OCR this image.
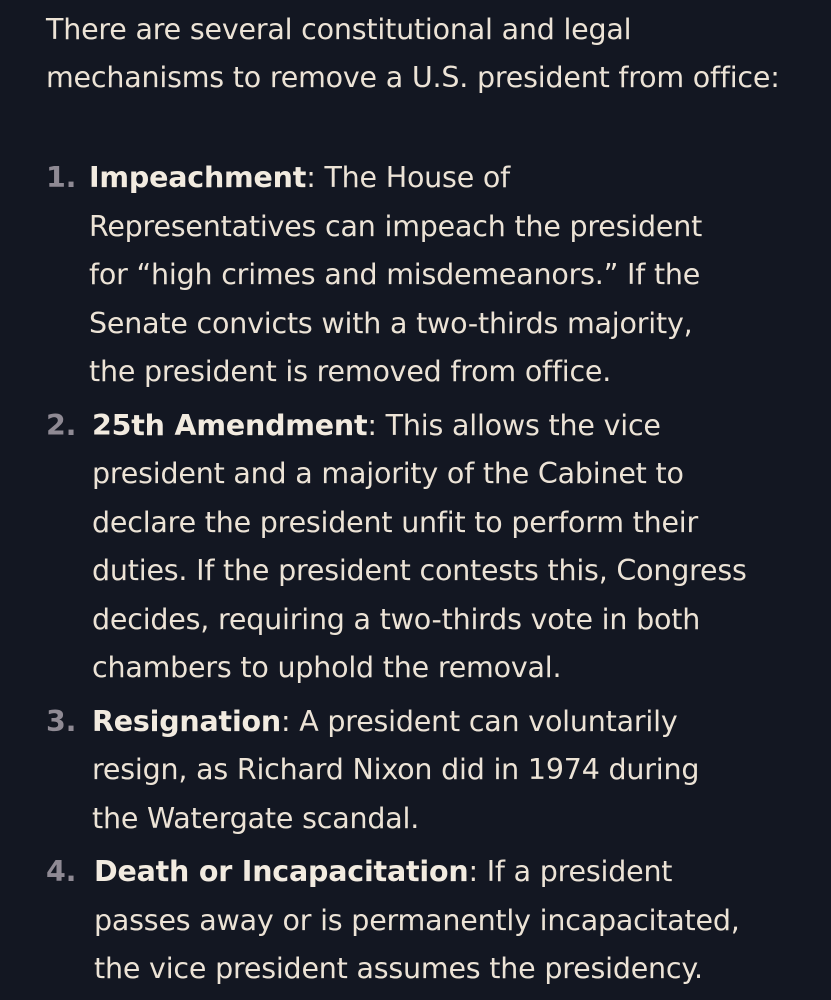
There are several constitutional and legal mechanisms to remove a U.S. president from office:

1. Impeachment: The House of Representatives can impeach the president for “high crimes and misdemeanors.” If the Senate convicts with a two-thirds majority, the president is removed from office.
2. 25th Amendment: This allows the vice president and a majority of the Cabinet to declare the president unfit to perform their duties. If the president contests this, Congress decides, requiring a two-thirds vote in both chambers to uphold the removal.
3. Resignation: A president can voluntarily resign, as Richard Nixon did in 1974 during the Watergate scandal.
4. Death or Incapacitation: If a president passes away or is permanently incapacitated, the vice president assumes the presidency.
